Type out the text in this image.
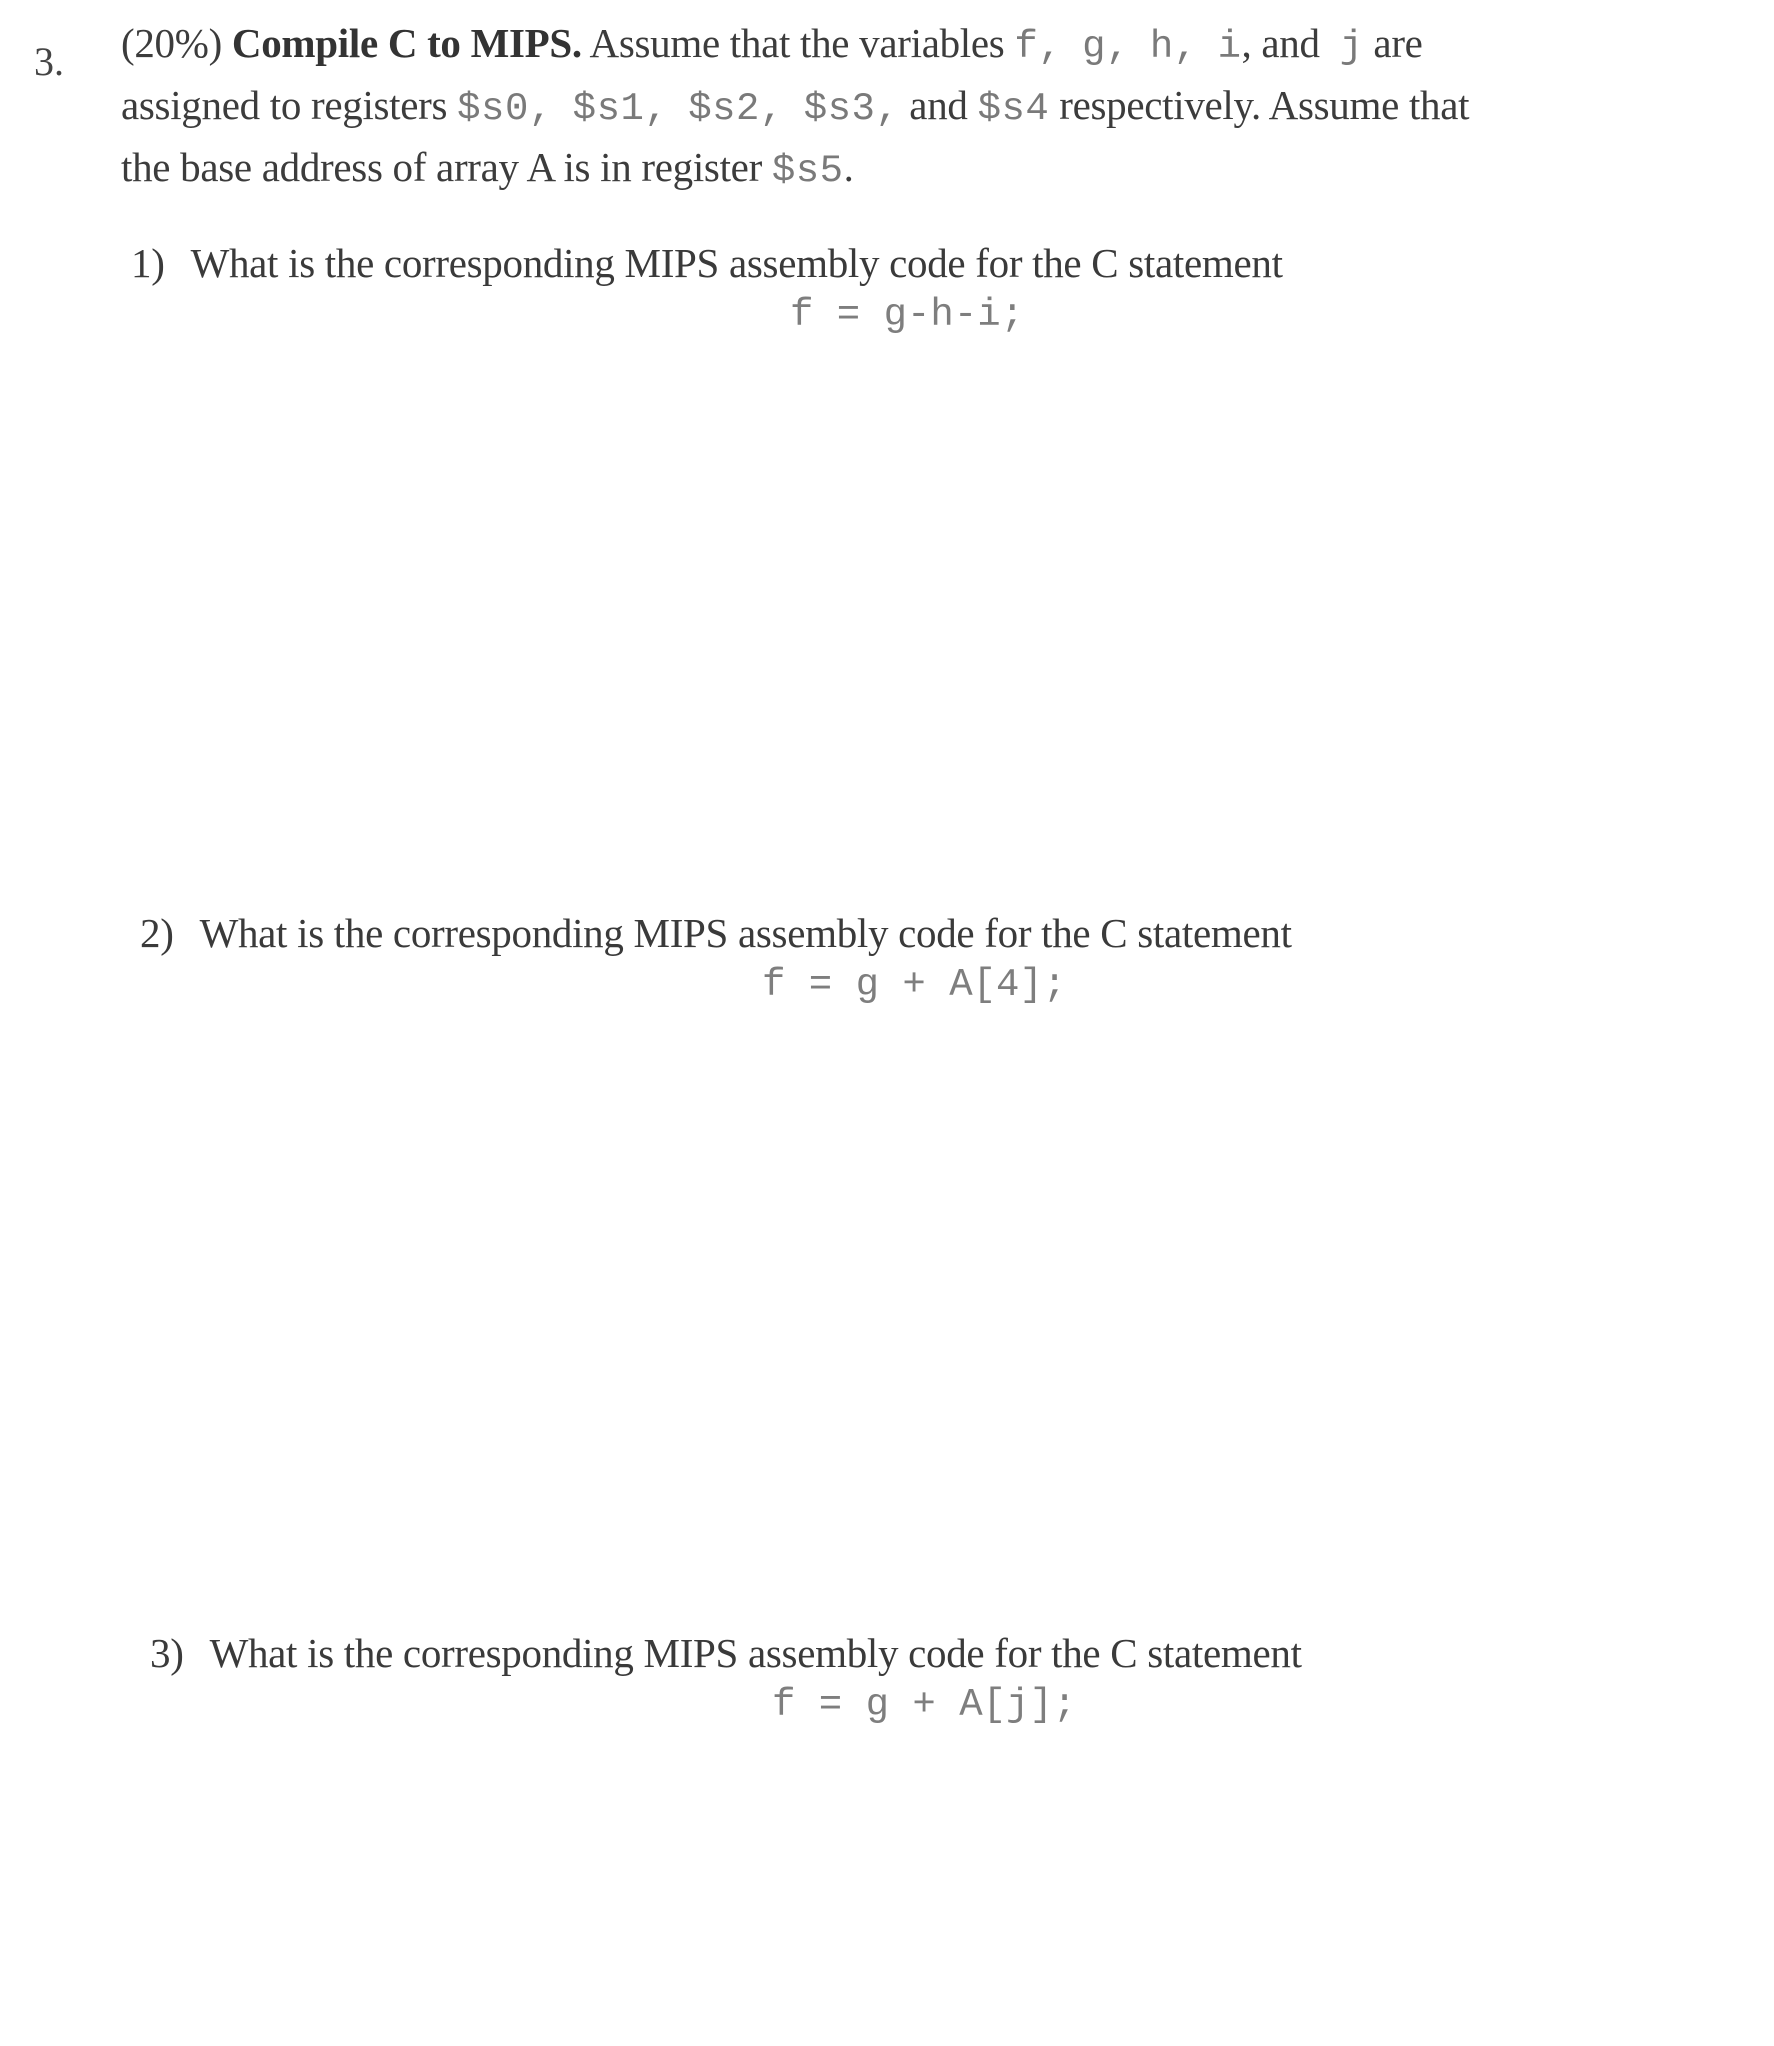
3. (20%) Compile C to MIPS. Assume that the variables f, g, h, i, and  j are
assigned to registers $s0, $s1, $s2, $s3, and $s4 respectively. Assume that
the base address of array A is in register $s5.
1) What is the corresponding MIPS assembly code for the C statement
f = g-h-i;
2) What is the corresponding MIPS assembly code for the C statement
f = g + A[4];
3) What is the corresponding MIPS assembly code for the C statement
f = g + A[j];
